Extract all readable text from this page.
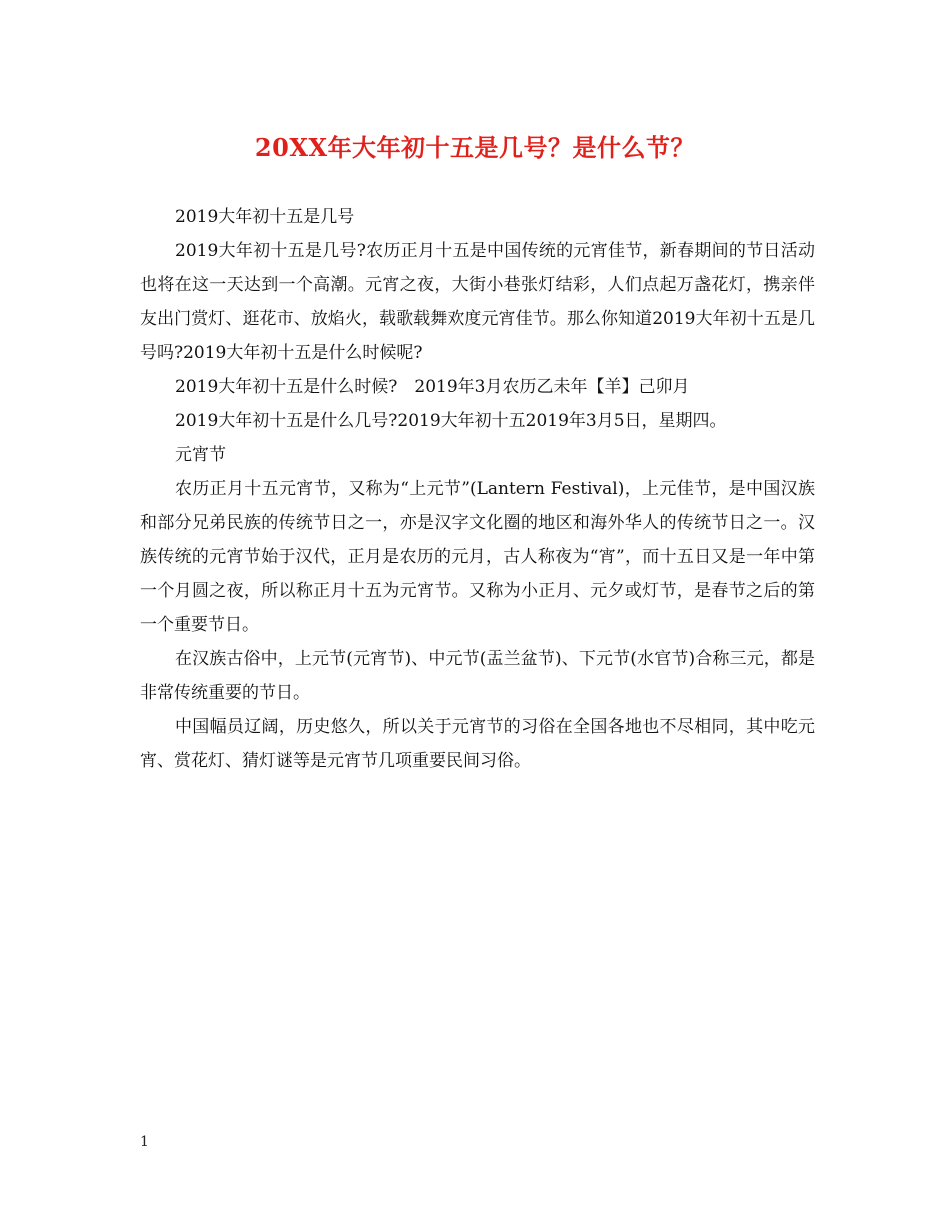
20XX年大年初十五是几号？是什么节？

2019大年初十五是几号

2019大年初十五是几号?农历正月十五是中国传统的元宵佳节，新春期间的节日活动也将在这一天达到一个高潮。元宵之夜，大街小巷张灯结彩，人们点起万盏花灯，携亲伴友出门赏灯、逛花市、放焰火，载歌载舞欢度元宵佳节。那么你知道2019大年初十五是几号吗?2019大年初十五是什么时候呢?

2019大年初十五是什么时候?　2019年3月农历乙未年【羊】己卯月

2019大年初十五是什么几号?2019大年初十五2019年3月5日，星期四。

元宵节

农历正月十五元宵节，又称为“上元节”(Lantern Festival)，上元佳节，是中国汉族和部分兄弟民族的传统节日之一，亦是汉字文化圈的地区和海外华人的传统节日之一。汉族传统的元宵节始于汉代，正月是农历的元月，古人称夜为“宵”，而十五日又是一年中第一个月圆之夜，所以称正月十五为元宵节。又称为小正月、元夕或灯节，是春节之后的第一个重要节日。

在汉族古俗中，上元节(元宵节)、中元节(盂兰盆节)、下元节(水官节)合称三元，都是非常传统重要的节日。

中国幅员辽阔，历史悠久，所以关于元宵节的习俗在全国各地也不尽相同，其中吃元宵、赏花灯、猜灯谜等是元宵节几项重要民间习俗。

1
